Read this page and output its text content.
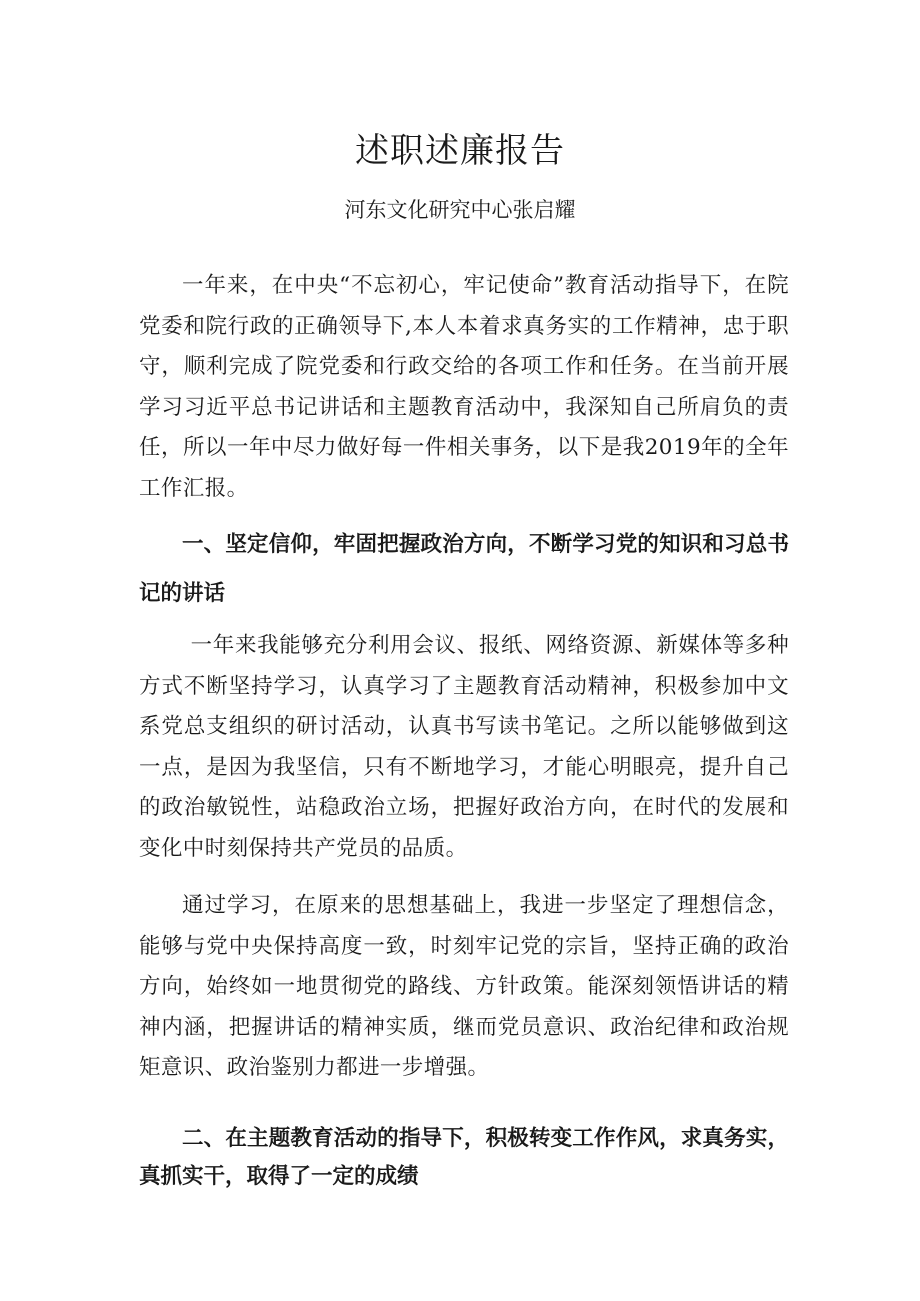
述职述廉报告

河东文化研究中心张启耀

一年来，在中央“不忘初心，牢记使命”教育活动指导下，在院党委和院行政的正确领导下,本人本着求真务实的工作精神，忠于职守，顺利完成了院党委和行政交给的各项工作和任务。在当前开展学习习近平总书记讲话和主题教育活动中，我深知自己所肩负的责任，所以一年中尽力做好每一件相关事务，以下是我2019年的全年工作汇报。

一、坚定信仰，牢固把握政治方向，不断学习党的知识和习总书记的讲话

一年来我能够充分利用会议、报纸、网络资源、新媒体等多种方式不断坚持学习，认真学习了主题教育活动精神，积极参加中文系党总支组织的研讨活动，认真书写读书笔记。之所以能够做到这一点，是因为我坚信，只有不断地学习，才能心明眼亮，提升自己的政治敏锐性，站稳政治立场，把握好政治方向，在时代的发展和变化中时刻保持共产党员的品质。

通过学习，在原来的思想基础上，我进一步坚定了理想信念，能够与党中央保持高度一致，时刻牢记党的宗旨，坚持正确的政治方向，始终如一地贯彻党的路线、方针政策。能深刻领悟讲话的精神内涵，把握讲话的精神实质，继而党员意识、政治纪律和政治规矩意识、政治鉴别力都进一步增强。

二、在主题教育活动的指导下，积极转变工作作风，求真务实，真抓实干，取得了一定的成绩
